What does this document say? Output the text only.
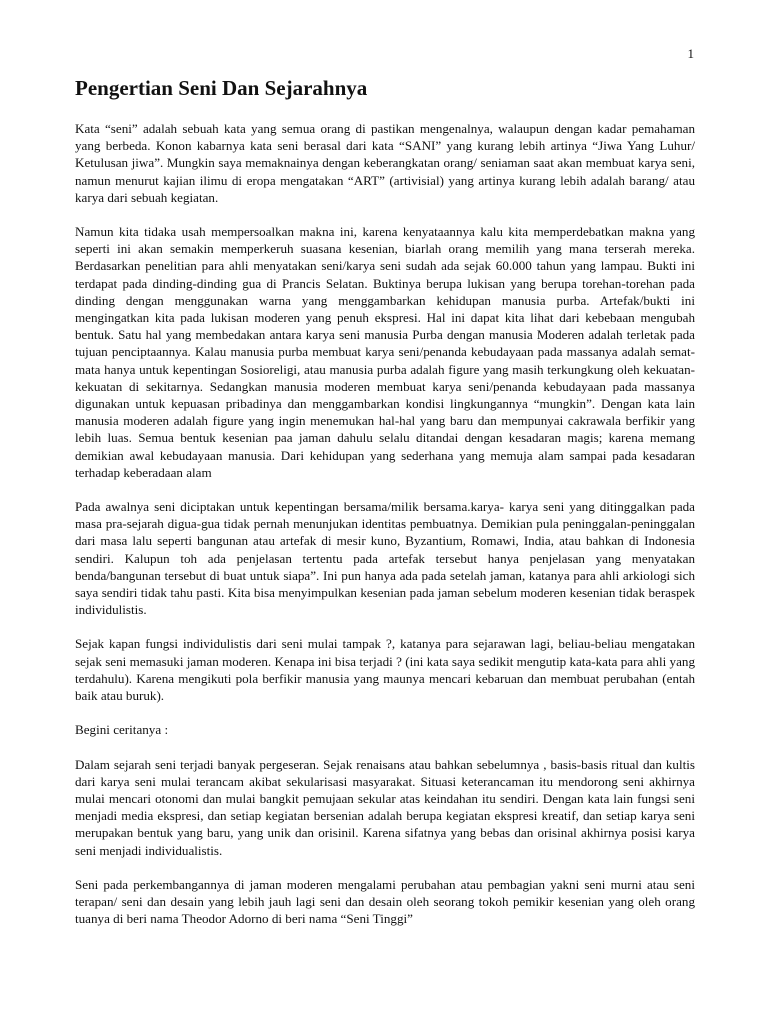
1
Pengertian Seni Dan Sejarahnya

Kata “seni” adalah sebuah kata yang semua orang di pastikan mengenalnya, walaupun dengan kadar pemahaman yang berbeda. Konon kabarnya kata seni berasal dari kata “SANI” yang kurang lebih artinya “Jiwa Yang Luhur/ Ketulusan jiwa”. Mungkin saya memaknainya dengan keberangkatan orang/ seniaman saat akan membuat karya seni, namun menurut kajian ilimu di eropa mengatakan “ART” (artivisial) yang artinya kurang lebih adalah barang/ atau karya dari sebuah kegiatan.

Namun kita tidaka usah mempersoalkan makna ini, karena kenyataannya kalu kita memperdebatkan makna yang seperti ini akan semakin memperkeruh suasana kesenian, biarlah orang memilih yang mana terserah mereka. Berdasarkan penelitian para ahli menyatakan seni/karya seni sudah ada sejak 60.000 tahun yang lampau. Bukti ini terdapat pada dinding-dinding gua di Prancis Selatan. Buktinya berupa lukisan yang berupa torehan-torehan pada dinding dengan menggunakan warna yang menggambarkan kehidupan manusia purba. Artefak/bukti ini mengingatkan kita pada lukisan moderen yang penuh ekspresi. Hal ini dapat kita lihat dari kebebaan mengubah bentuk. Satu hal yang membedakan antara karya seni manusia Purba dengan manusia Moderen adalah terletak pada tujuan penciptaannya. Kalau manusia purba membuat karya seni/penanda kebudayaan pada massanya adalah semat-mata hanya untuk kepentingan Sosioreligi, atau manusia purba adalah figure yang masih terkungkung oleh kekuatan-kekuatan di sekitarnya. Sedangkan manusia moderen membuat karya seni/penanda kebudayaan pada massanya digunakan untuk kepuasan pribadinya dan menggambarkan kondisi lingkungannya “mungkin”. Dengan kata lain manusia moderen adalah figure yang ingin menemukan hal-hal yang baru dan mempunyai cakrawala berfikir yang lebih luas. Semua bentuk kesenian paa jaman dahulu selalu ditandai dengan kesadaran magis; karena memang demikian awal kebudayaan manusia. Dari kehidupan yang sederhana yang memuja alam sampai pada kesadaran terhadap keberadaan alam

Pada awalnya seni diciptakan untuk kepentingan bersama/milik bersama.karya- karya seni yang ditinggalkan pada masa pra-sejarah digua-gua tidak pernah menunjukan identitas pembuatnya. Demikian pula peninggalan-peninggalan dari masa lalu seperti bangunan atau artefak di mesir kuno, Byzantium, Romawi, India, atau bahkan di Indonesia sendiri. Kalupun toh ada penjelasan tertentu pada artefak tersebut hanya penjelasan yang menyatakan benda/bangunan tersebut di buat untuk siapa”. Ini pun hanya ada pada setelah jaman, katanya para ahli arkiologi sich saya sendiri tidak tahu pasti. Kita bisa menyimpulkan kesenian pada jaman sebelum moderen kesenian tidak beraspek individulistis.

Sejak kapan fungsi individulistis dari seni mulai tampak ?, katanya para sejarawan lagi, beliau-beliau mengatakan sejak seni memasuki jaman moderen. Kenapa ini bisa terjadi ? (ini kata saya sedikit mengutip kata-kata para ahli yang terdahulu). Karena mengikuti pola berfikir manusia yang maunya mencari kebaruan dan membuat perubahan (entah baik atau buruk).

Begini ceritanya :

Dalam sejarah seni terjadi banyak pergeseran. Sejak renaisans atau bahkan sebelumnya , basis-basis ritual dan kultis dari karya seni mulai terancam akibat sekularisasi masyarakat. Situasi keterancaman itu mendorong seni akhirnya mulai mencari otonomi dan mulai bangkit pemujaan sekular atas keindahan itu sendiri. Dengan kata lain fungsi seni menjadi media ekspresi, dan setiap kegiatan bersenian adalah berupa kegiatan ekspresi kreatif, dan setiap karya seni merupakan bentuk yang baru, yang unik dan orisinil. Karena sifatnya yang bebas dan orisinal akhirnya posisi karya seni menjadi individualistis.

Seni pada perkembangannya di jaman moderen mengalami perubahan atau pembagian yakni seni murni atau seni terapan/ seni dan desain yang lebih jauh lagi seni dan desain oleh seorang tokoh pemikir kesenian yang oleh orang tuanya di beri nama Theodor Adorno di beri nama “Seni Tinggi”
